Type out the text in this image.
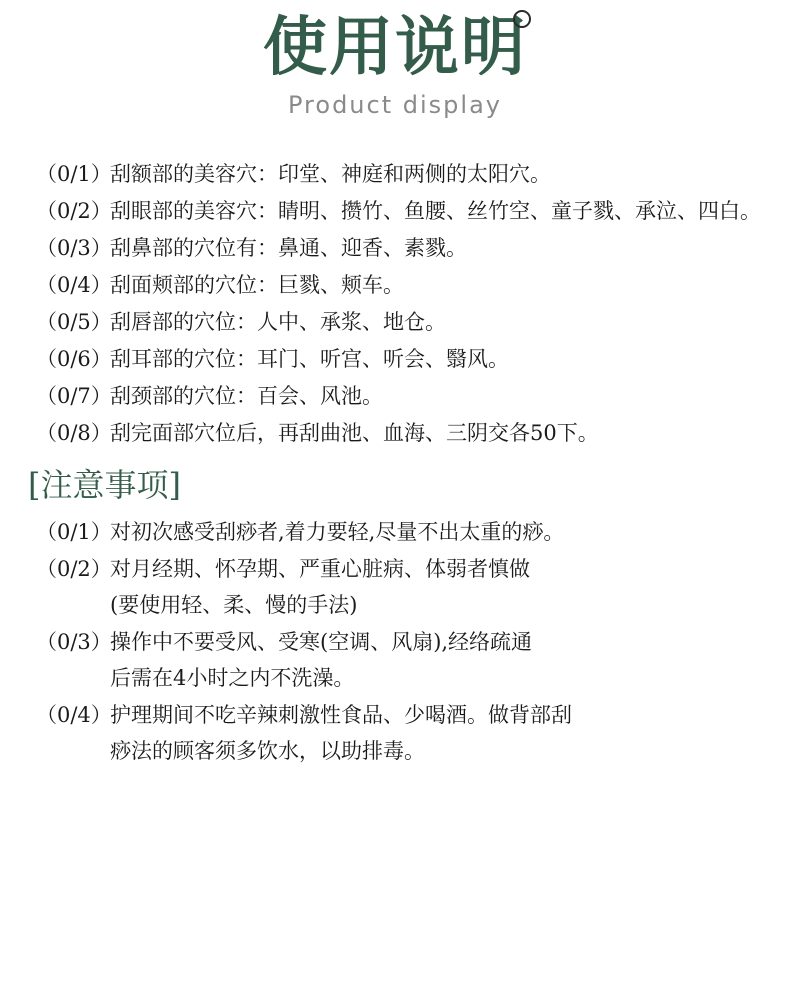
使用说明
Product display
（0/1）刮额部的美容穴：印堂、神庭和两侧的太阳穴。
（0/2）刮眼部的美容穴：睛明、攒竹、鱼腰、丝竹空、童子戮、承泣、四白。
（0/3）刮鼻部的穴位有：鼻通、迎香、素戮。
（0/4）刮面颊部的穴位：巨戮、颊车。
（0/5）刮唇部的穴位：人中、承浆、地仓。
（0/6）刮耳部的穴位：耳门、听宫、听会、翳风。
（0/7）刮颈部的穴位：百会、风池。
（0/8）刮完面部穴位后，再刮曲池、血海、三阴交各50下。
[注意事项]
（0/1）对初次感受刮痧者,着力要轻,尽量不出太重的痧。
（0/2）对月经期、怀孕期、严重心脏病、体弱者慎做
(要使用轻、柔、慢的手法)
（0/3）操作中不要受风、受寒(空调、风扇),经络疏通
后需在4小时之内不洗澡。
（0/4）护理期间不吃辛辣刺激性食品、少喝酒。做背部刮
痧法的顾客须多饮水，以助排毒。
